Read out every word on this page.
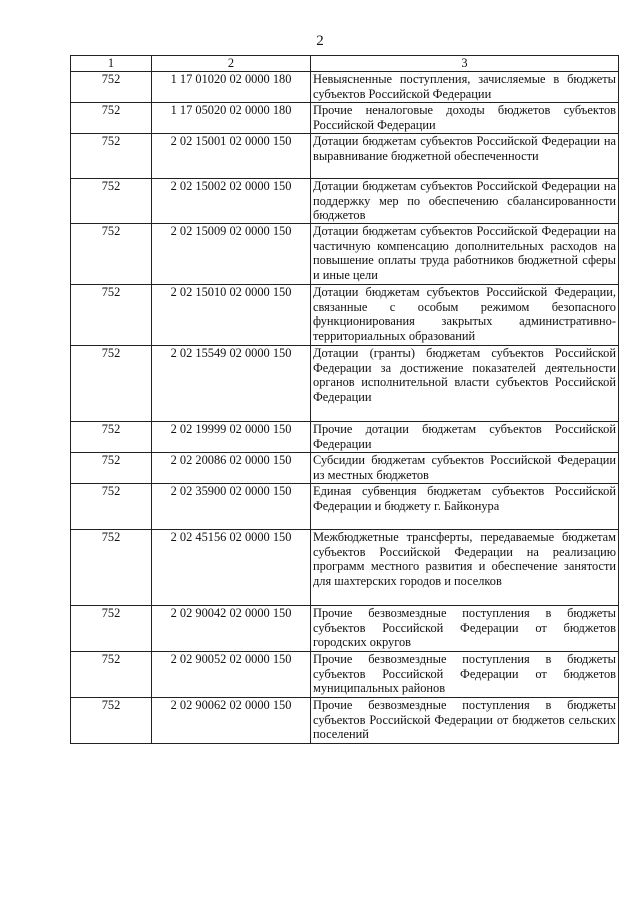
2
1	2	3
752	1 17 01020 02 0000 180	Невыясненные поступления, зачисляемые в бюджеты субъектов Российской Федерации
752	1 17 05020 02 0000 180	Прочие неналоговые доходы бюджетов субъектов Российской Федерации
752	2 02 15001 02 0000 150	Дотации бюджетам субъектов Российской Федерации на выравнивание бюджетной обеспеченности
752	2 02 15002 02 0000 150	Дотации бюджетам субъектов Российской Федерации на поддержку мер по обеспечению сбалансированности бюджетов
752	2 02 15009 02 0000 150	Дотации бюджетам субъектов Российской Федерации на частичную компенсацию дополнительных расходов на повышение оплаты труда работников бюджетной сферы и иные цели
752	2 02 15010 02 0000 150	Дотации бюджетам субъектов Российской Федерации, связанные с особым режимом безопасного функционирования закрытых административно-территориальных образований
752	2 02 15549 02 0000 150	Дотации (гранты) бюджетам субъектов Российской Федерации за достижение показателей деятельности органов исполнительной власти субъектов Российской Федерации
752	2 02 19999 02 0000 150	Прочие дотации бюджетам субъектов Российской Федерации
752	2 02 20086 02 0000 150	Субсидии бюджетам субъектов Российской Федерации из местных бюджетов
752	2 02 35900 02 0000 150	Единая субвенция бюджетам субъектов Российской Федерации и бюджету г. Байконура
752	2 02 45156 02 0000 150	Межбюджетные трансферты, передаваемые бюджетам субъектов Российской Федерации на реализацию программ местного развития и обеспечение занятости для шахтерских городов и поселков
752	2 02 90042 02 0000 150	Прочие безвозмездные поступления в бюджеты субъектов Российской Федерации от бюджетов городских округов
752	2 02 90052 02 0000 150	Прочие безвозмездные поступления в бюджеты субъектов Российской Федерации от бюджетов муниципальных районов
752	2 02 90062 02 0000 150	Прочие безвозмездные поступления в бюджеты субъектов Российской Федерации от бюджетов сельских поселений
